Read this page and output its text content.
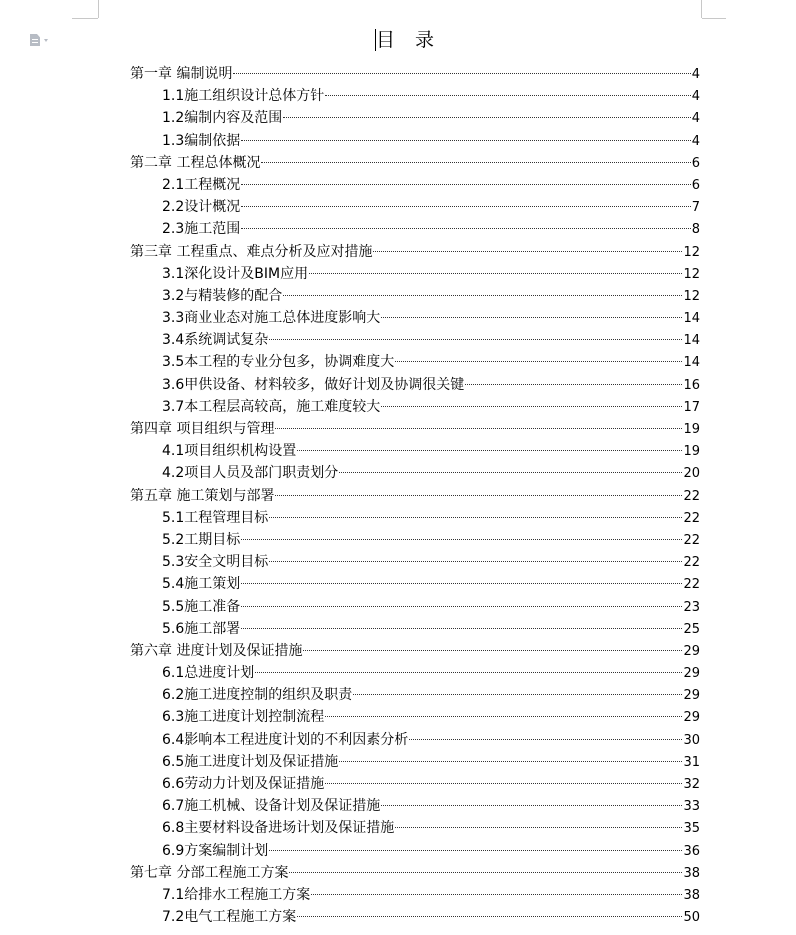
目 录
第一章 编制说明	4
1.1施工组织设计总体方针	4
1.2编制内容及范围	4
1.3编制依据	4
第二章 工程总体概况	6
2.1工程概况	6
2.2设计概况	7
2.3施工范围	8
第三章 工程重点、难点分析及应对措施	12
3.1深化设计及BIM应用	12
3.2与精装修的配合	12
3.3商业业态对施工总体进度影响大	14
3.4系统调试复杂	14
3.5本工程的专业分包多，协调难度大	14
3.6甲供设备、材料较多，做好计划及协调很关键	16
3.7本工程层高较高，施工难度较大	17
第四章 项目组织与管理	19
4.1项目组织机构设置	19
4.2项目人员及部门职责划分	20
第五章 施工策划与部署	22
5.1工程管理目标	22
5.2工期目标	22
5.3安全文明目标	22
5.4施工策划	22
5.5施工准备	23
5.6施工部署	25
第六章 进度计划及保证措施	29
6.1总进度计划	29
6.2施工进度控制的组织及职责	29
6.3施工进度计划控制流程	29
6.4影响本工程进度计划的不利因素分析	30
6.5施工进度计划及保证措施	31
6.6劳动力计划及保证措施	32
6.7施工机械、设备计划及保证措施	33
6.8主要材料设备进场计划及保证措施	35
6.9方案编制计划	36
第七章 分部工程施工方案	38
7.1给排水工程施工方案	38
7.2电气工程施工方案	50
